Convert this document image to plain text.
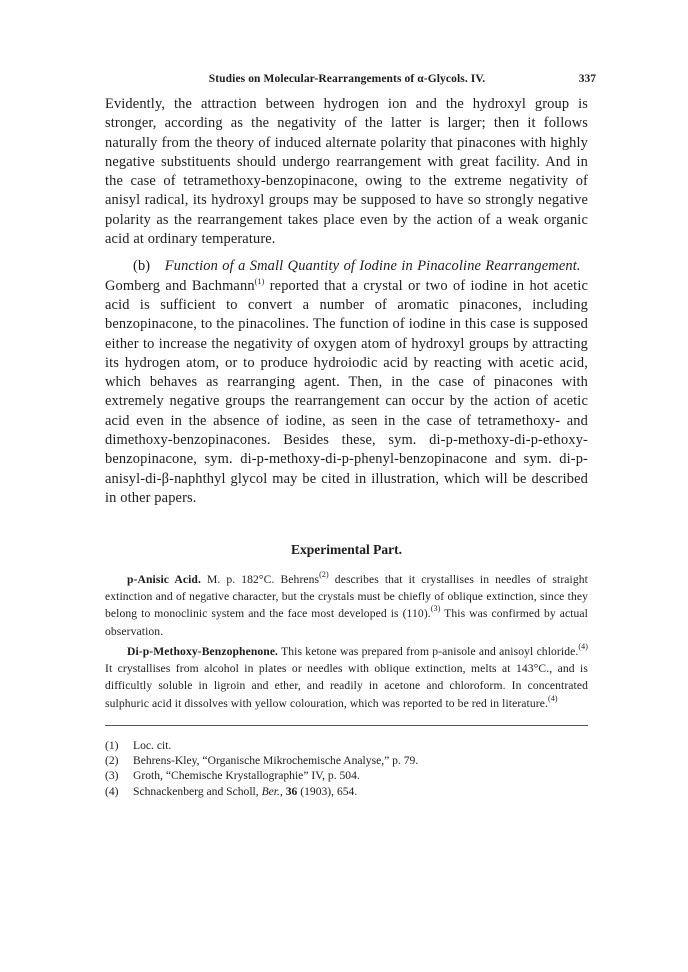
Studies on Molecular-Rearrangements of α-Glycols. IV.	337

Evidently, the attraction between hydrogen ion and the hydroxyl group is stronger, according as the negativity of the latter is larger; then it follows naturally from the theory of induced alternate polarity that pinacones with highly negative substituents should undergo rearrangement with great facility. And in the case of tetramethoxy-benzopinacone, owing to the extreme negativity of anisyl radical, its hydroxyl groups may be supposed to have so strongly negative polarity as the rearrangement takes place even by the action of a weak organic acid at ordinary temperature.

(b)  Function of a Small Quantity of Iodine in Pinacoline Rearrangement. Gomberg and Bachmann$^{(1)}$ reported that a crystal or two of iodine in hot acetic acid is sufficient to convert a number of aromatic pinacones, including benzopinacone, to the pinacolines. The function of iodine in this case is supposed either to increase the negativity of oxygen atom of hydroxyl groups by attracting its hydrogen atom, or to produce hydroiodic acid by reacting with acetic acid, which behaves as rearranging agent. Then, in the case of pinacones with extremely negative groups the rearrangement can occur by the action of acetic acid even in the absence of iodine, as seen in the case of tetramethoxy- and dimethoxy-benzopinacones. Besides these, sym. di-p-methoxy-di-p-ethoxy-benzopinacone, sym. di-p-methoxy-di-p-phenyl-benzopinacone and sym. di-p-anisyl-di-β-naphthyl glycol may be cited in illustration, which will be described in other papers.

Experimental Part.

p-Anisic Acid. M. p. 182°C. Behrens$^{(2)}$ describes that it crystallises in needles of straight extinction and of negative character, but the crystals must be chiefly of oblique extinction, since they belong to monoclinic system and the face most developed is (110).$^{(3)}$ This was confirmed by actual observation.

Di-p-Methoxy-Benzophenone. This ketone was prepared from p-anisole and anisoyl chloride.$^{(4)}$ It crystallises from alcohol in plates or needles with oblique extinction, melts at 143°C., and is difficultly soluble in ligroin and ether, and readily in acetone and chloroform. In concentrated sulphuric acid it dissolves with yellow colouration, which was reported to be red in literature.$^{(4)}$

(1)	Loc. cit.
(2)	Behrens-Kley, “Organische Mikrochemische Analyse,” p. 79.
(3)	Groth, “Chemische Krystallographie” IV, p. 504.
(4)	Schnackenberg and Scholl, Ber., 36 (1903), 654.
